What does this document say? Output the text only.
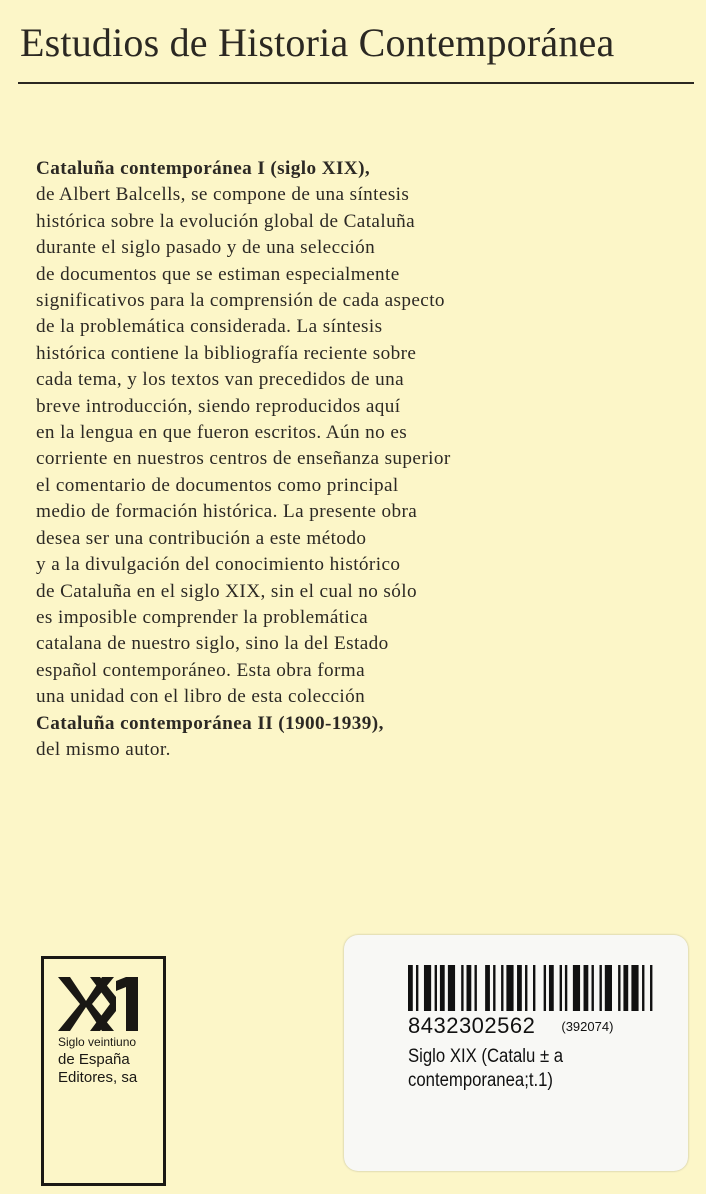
Estudios de Historia Contemporánea
Cataluña contemporánea I (siglo XIX),
de Albert Balcells, se compone de una síntesis
histórica sobre la evolución global de Cataluña
durante el siglo pasado y de una selección
de documentos que se estiman especialmente
significativos para la comprensión de cada aspecto
de la problemática considerada. La síntesis
histórica contiene la bibliografía reciente sobre
cada tema, y los textos van precedidos de una
breve introducción, siendo reproducidos aquí
en la lengua en que fueron escritos. Aún no es
corriente en nuestros centros de enseñanza superior
el comentario de documentos como principal
medio de formación histórica. La presente obra
desea ser una contribución a este método
y a la divulgación del conocimiento histórico
de Cataluña en el siglo XIX, sin el cual no sólo
es imposible comprender la problemática
catalana de nuestro siglo, sino la del Estado
español contemporáneo. Esta obra forma
una unidad con el libro de esta colección
Cataluña contemporánea II (1900-1939),
del mismo autor.
Siglo veintiuno
de España
Editores, sa
8432302562 (392074)
Siglo XIX (Catalu ± a
contemporanea;t.1)
